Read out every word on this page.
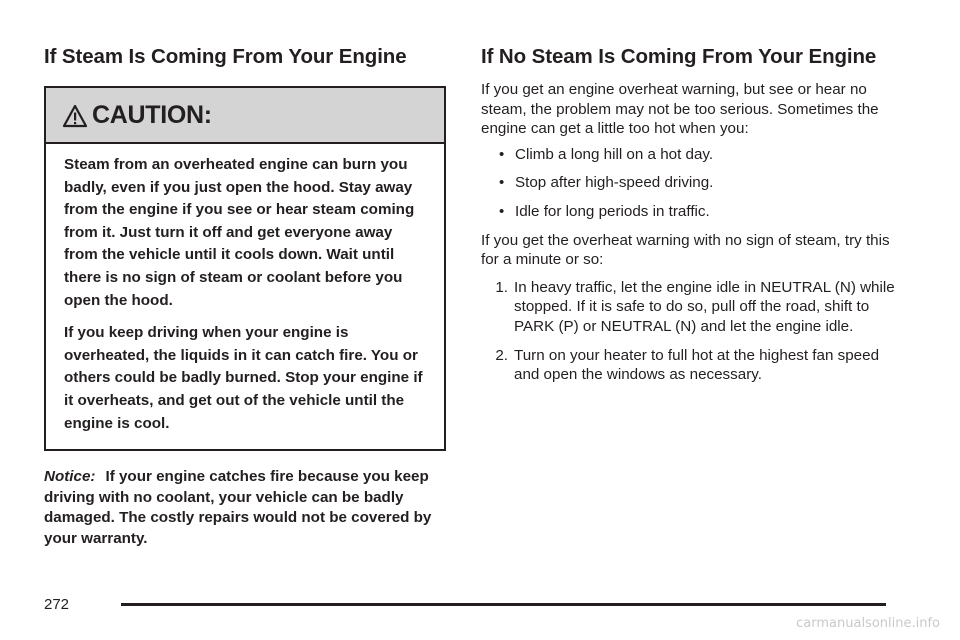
If Steam Is Coming From Your Engine
CAUTION:

Steam from an overheated engine can burn you badly, even if you just open the hood. Stay away from the engine if you see or hear steam coming from it. Just turn it off and get everyone away from the vehicle until it cools down. Wait until there is no sign of steam or coolant before you open the hood.

If you keep driving when your engine is overheated, the liquids in it can catch fire. You or others could be badly burned. Stop your engine if it overheats, and get out of the vehicle until the engine is cool.

Notice: If your engine catches fire because you keep driving with no coolant, your vehicle can be badly damaged. The costly repairs would not be covered by your warranty.
If No Steam Is Coming From Your Engine

If you get an engine overheat warning, but see or hear no steam, the problem may not be too serious. Sometimes the engine can get a little too hot when you:

• Climb a long hill on a hot day.
• Stop after high-speed driving.
• Idle for long periods in traffic.

If you get the overheat warning with no sign of steam, try this for a minute or so:

1. In heavy traffic, let the engine idle in NEUTRAL (N) while stopped. If it is safe to do so, pull off the road, shift to PARK (P) or NEUTRAL (N) and let the engine idle.
2. Turn on your heater to full hot at the highest fan speed and open the windows as necessary.
272
carmanualsonline.info
